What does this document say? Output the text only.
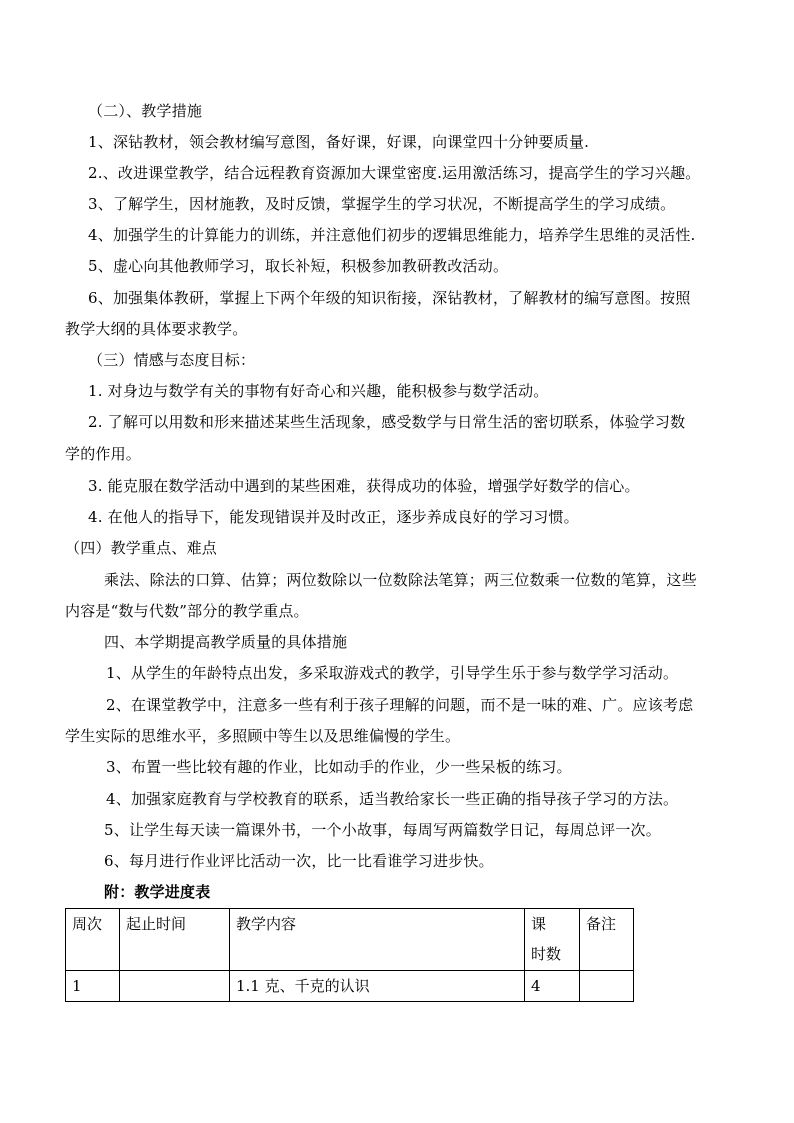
（二）、教学措施
1、深钻教材，领会教材编写意图，备好课，好课，向课堂四十分钟要质量.
2.、改进课堂教学，结合远程教育资源加大课堂密度.运用激活练习，提高学生的学习兴趣。
3、了解学生，因材施教，及时反馈，掌握学生的学习状况，不断提高学生的学习成绩。
4、加强学生的计算能力的训练，并注意他们初步的逻辑思维能力，培养学生思维的灵活性.
5、虚心向其他教师学习，取长补短，积极参加教研教改活动。
6、加强集体教研，掌握上下两个年级的知识衔接，深钻教材，了解教材的编写意图。按照
教学大纲的具体要求教学。
（三）情感与态度目标：
1. 对身边与数学有关的事物有好奇心和兴趣，能积极参与数学活动。
2. 了解可以用数和形来描述某些生活现象，感受数学与日常生活的密切联系，体验学习数
学的作用。
3. 能克服在数学活动中遇到的某些困难，获得成功的体验，增强学好数学的信心。
4. 在他人的指导下，能发现错误并及时改正，逐步养成良好的学习习惯。
（四）教学重点、难点
乘法、除法的口算、估算；两位数除以一位数除法笔算；两三位数乘一位数的笔算，这些
内容是“数与代数”部分的教学重点。
四、本学期提高教学质量的具体措施
1、从学生的年龄特点出发，多采取游戏式的教学，引导学生乐于参与数学学习活动。
2、在课堂教学中，注意多一些有利于孩子理解的问题，而不是一味的难、广。应该考虑
学生实际的思维水平，多照顾中等生以及思维偏慢的学生。
3、布置一些比较有趣的作业，比如动手的作业，少一些呆板的练习。
4、加强家庭教育与学校教育的联系，适当教给家长一些正确的指导孩子学习的方法。
5、让学生每天读一篇课外书，一个小故事，每周写两篇数学日记，每周总评一次。
6、每月进行作业评比活动一次，比一比看谁学习进步快。
附：教学进度表
周次	起止时间	教学内容	课　时数	备注
1		1.1 克、千克的认识	4	
